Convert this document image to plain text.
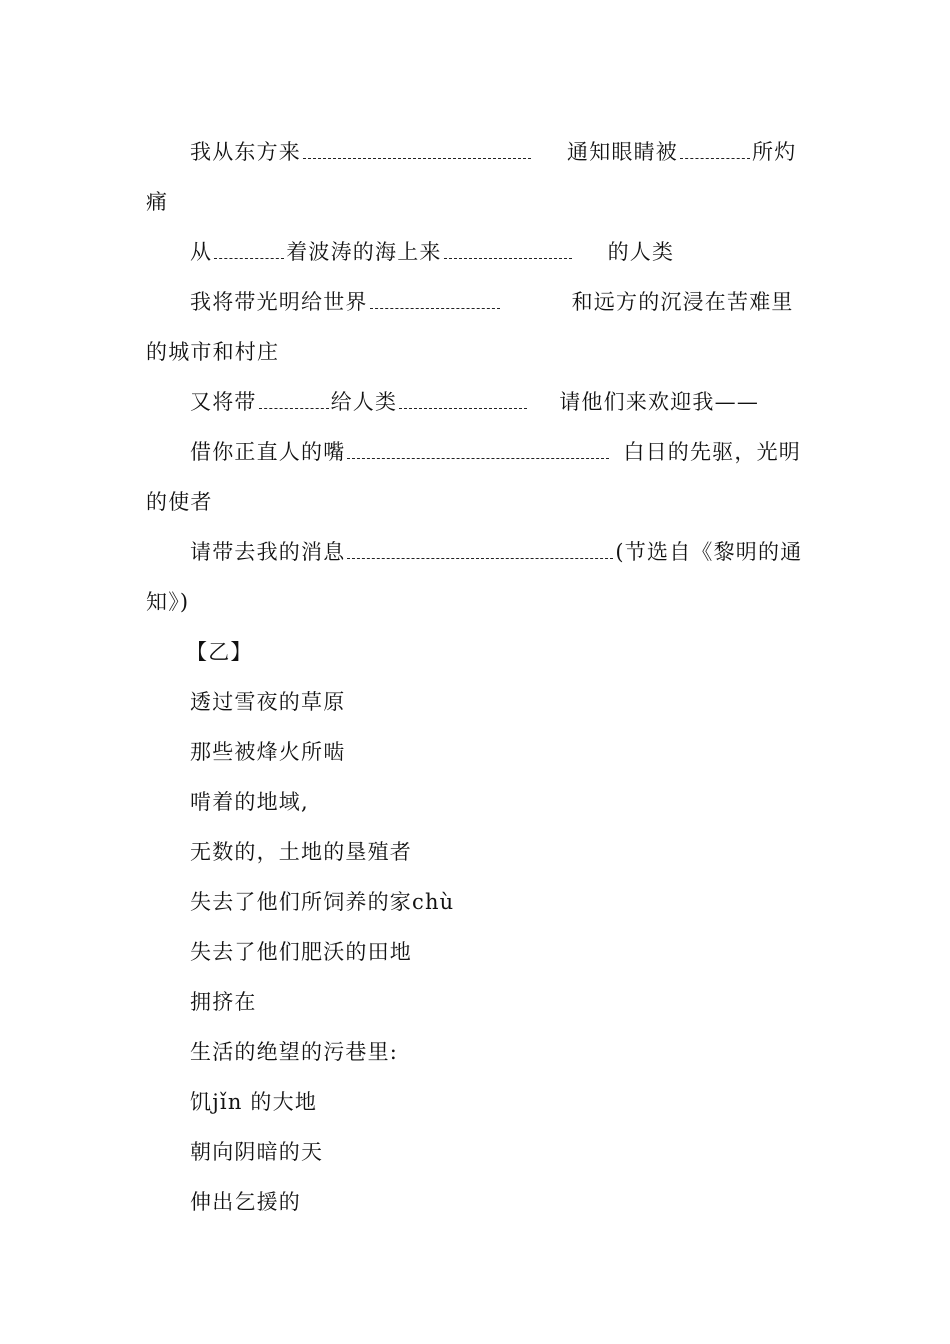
我从东方来	通知眼睛被	所灼
痛
从	着波涛的海上来	的人类
我将带光明给世界	和远方的沉浸在苦难里
的城市和村庄
又将带	给人类	请他们来欢迎我——
借你正直人的嘴	白日的先驱，光明
的使者
请带去我的消息	(节选自《黎明的通
知》)
【乙】
透过雪夜的草原
那些被烽火所啮
啃着的地域,
无数的，土地的垦殖者
失去了他们所饲养的家chù
失去了他们肥沃的田地
拥挤在
生活的绝望的污巷里:
饥jǐn 的大地
朝向阴暗的天
伸出乞援的
